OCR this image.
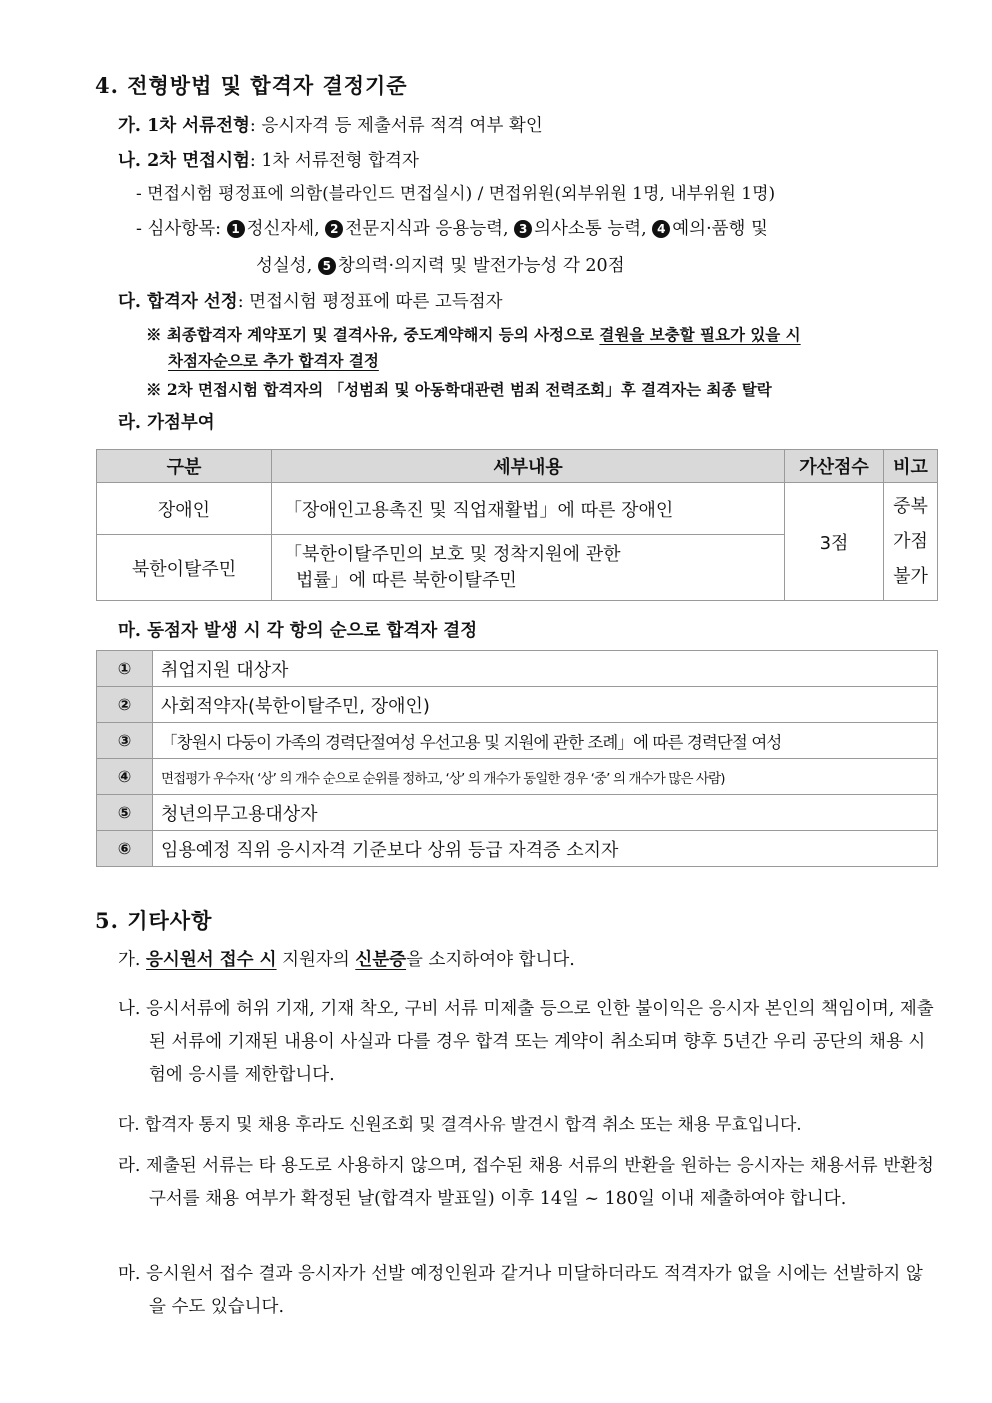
4. 전형방법 및 합격자 결정기준
가. 1차 서류전형: 응시자격 등 제출서류 적격 여부 확인
나. 2차 면접시험: 1차 서류전형 합격자
- 면접시험 평정표에 의함(블라인드 면접실시) / 면접위원(외부위원 1명, 내부위원 1명)
- 심사항목: 1 정신자세, 2 전문지식과 응용능력, 3 의사소통 능력, 4 예의·품행 및
성실성, 5 창의력·의지력 및 발전가능성 각 20점
다. 합격자 선정: 면접시험 평정표에 따른 고득점자
※ 최종합격자 계약포기 및 결격사유, 중도계약해지 등의 사정으로 결원을 보충할 필요가 있을 시
차점자순으로 추가 합격자 결정
※ 2차 면접시험 합격자의 「성범죄 및 아동학대관련 범죄 전력조회」후 결격자는 최종 탈락
라. 가점부여
구분	세부내용	가산점수	비고
장애인	「장애인고용촉진 및 직업재활법」에 따른 장애인	3점	중복
가점
불가

북한이탈주민	「북한이탈주민의 보호 및 정착지원에 관한
법률」에 따른 북한이탈주민		
마. 동점자 발생 시 각 항의 순으로 합격자 결정
①	취업지원 대상자
②	사회적약자(북한이탈주민, 장애인)
③	「창원시 다둥이 가족의 경력단절여성 우선고용 및 지원에 관한 조례」에 따른 경력단절 여성
④	면접평가 우수자( ‘상’ 의 개수 순으로 순위를 정하고, ‘상’ 의 개수가 동일한 경우 ‘중’ 의 개수가 많은 사람)
⑤	청년의무고용대상자
⑥	임용예정 직위 응시자격 기준보다 상위 등급 자격증 소지자
5. 기타사항
가. 응시원서 접수 시 지원자의 신분증을 소지하여야 합니다.
나. 응시서류에 허위 기재, 기재 착오, 구비 서류 미제출 등으로 인한 불이익은 응시자 본인의 책임이며, 제출된 서류에 기재된 내용이 사실과 다를 경우 합격 또는 계약이 취소되며 향후 5년간 우리 공단의 채용 시험에 응시를 제한합니다.
다. 합격자 통지 및 채용 후라도 신원조회 및 결격사유 발견시 합격 취소 또는 채용 무효입니다.
라. 제출된 서류는 타 용도로 사용하지 않으며, 접수된 채용 서류의 반환을 원하는 응시자는 채용서류 반환청구서를 채용 여부가 확정된 날(합격자 발표일) 이후 14일 ~ 180일 이내 제출하여야 합니다.
마. 응시원서 접수 결과 응시자가 선발 예정인원과 같거나 미달하더라도 적격자가 없을 시에는 선발하지 않을 수도 있습니다.
